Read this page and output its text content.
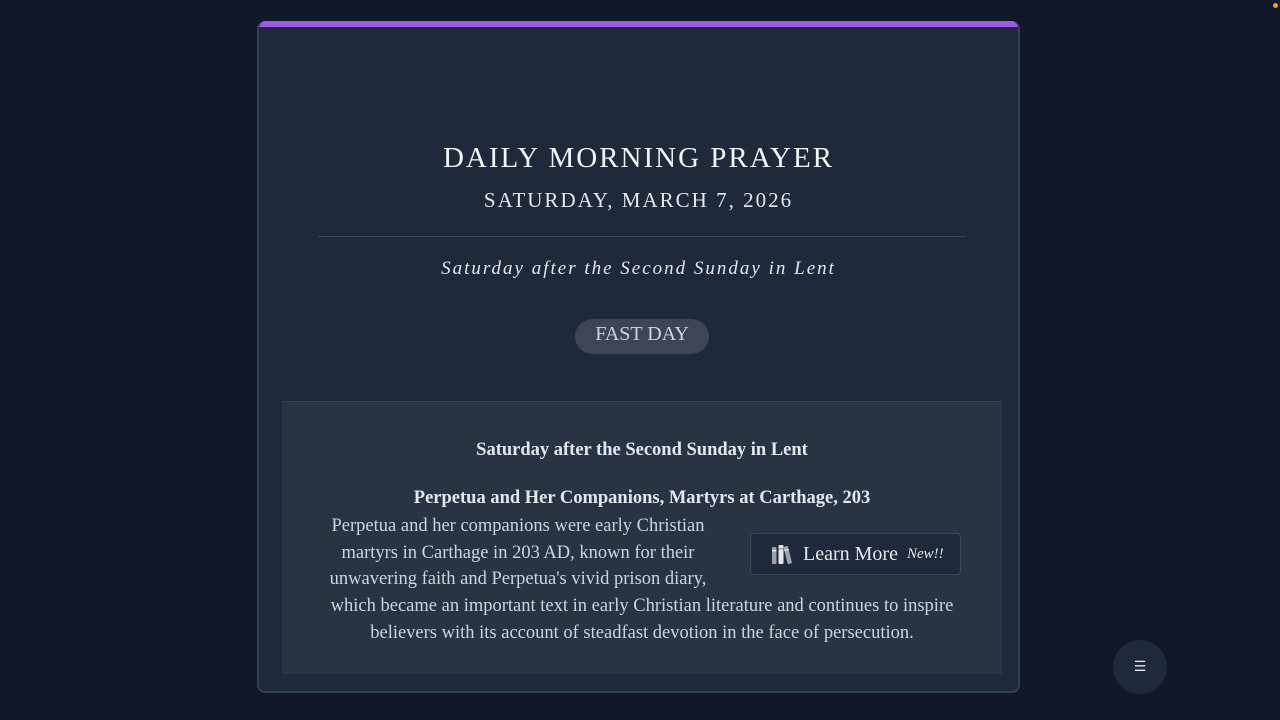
DAILY MORNING PRAYER
SATURDAY, MARCH 7, 2026
Saturday after the Second Sunday in Lent
FAST DAY
Saturday after the Second Sunday in Lent
Perpetua and Her Companions, Martyrs at Carthage, 203
Perpetua and her companions were early Christian martyrs in Carthage in 203 AD, known for their unwavering faith and Perpetua's vivid prison diary,
which became an important text in early Christian literature and continues to inspire believers with its account of steadfast devotion in the face of persecution.
Learn More New!!
☰
